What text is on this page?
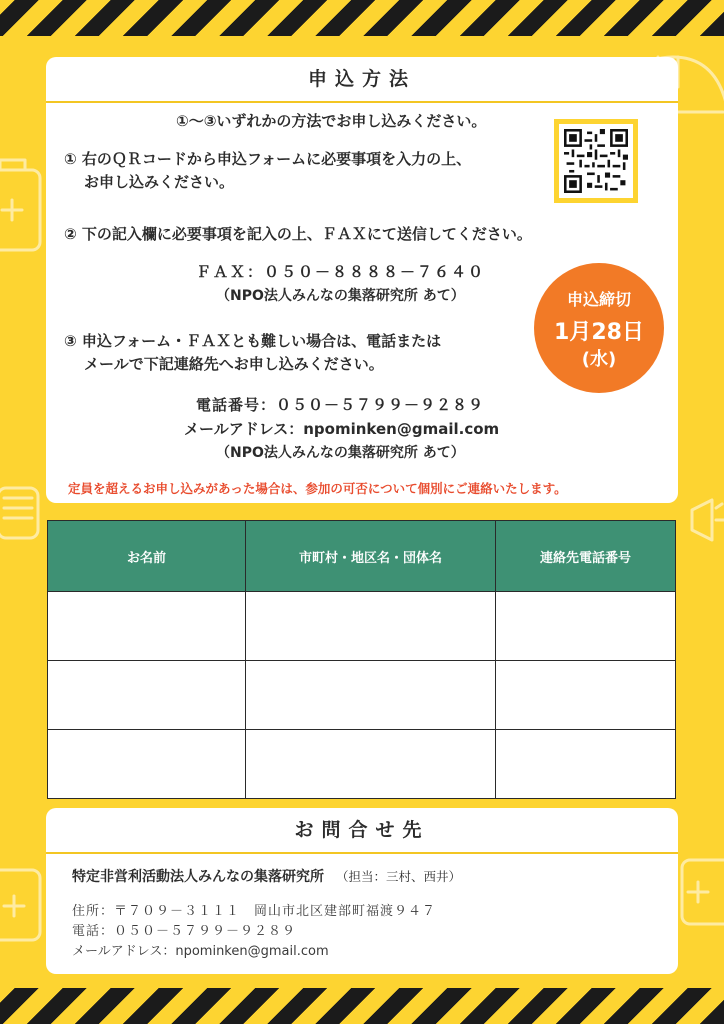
申込方法
①～③いずれかの方法でお申し込みください。
① 右のＱＲコードから申込フォームに必要事項を入力の上、
お申し込みください。
② 下の記入欄に必要事項を記入の上、ＦＡＸにて送信してください。
ＦＡＸ：０５０－８８８８－７６４０
（NPO法人みんなの集落研究所 あて）	申込締切
1月28日
(水)
③ 申込フォーム・ＦＡＸとも難しい場合は、電話または
メールで下記連絡先へお申し込みください。
電話番号：０５０－５７９９－９２８９
メールアドレス：npominken@gmail.com
（NPO法人みんなの集落研究所 あて）
定員を超えるお申し込みがあった場合は、参加の可否について個別にご連絡いたします。
お名前	市町村・地区名・団体名	連絡先電話番号

お問合せ先
特定非営利活動法人みんなの集落研究所 （担当：三村、西井）
住所：〒７０９－３１１１　岡山市北区建部町福渡９４７
電話：０５０－５７９９－９２８９
メールアドレス：npominken@gmail.com
